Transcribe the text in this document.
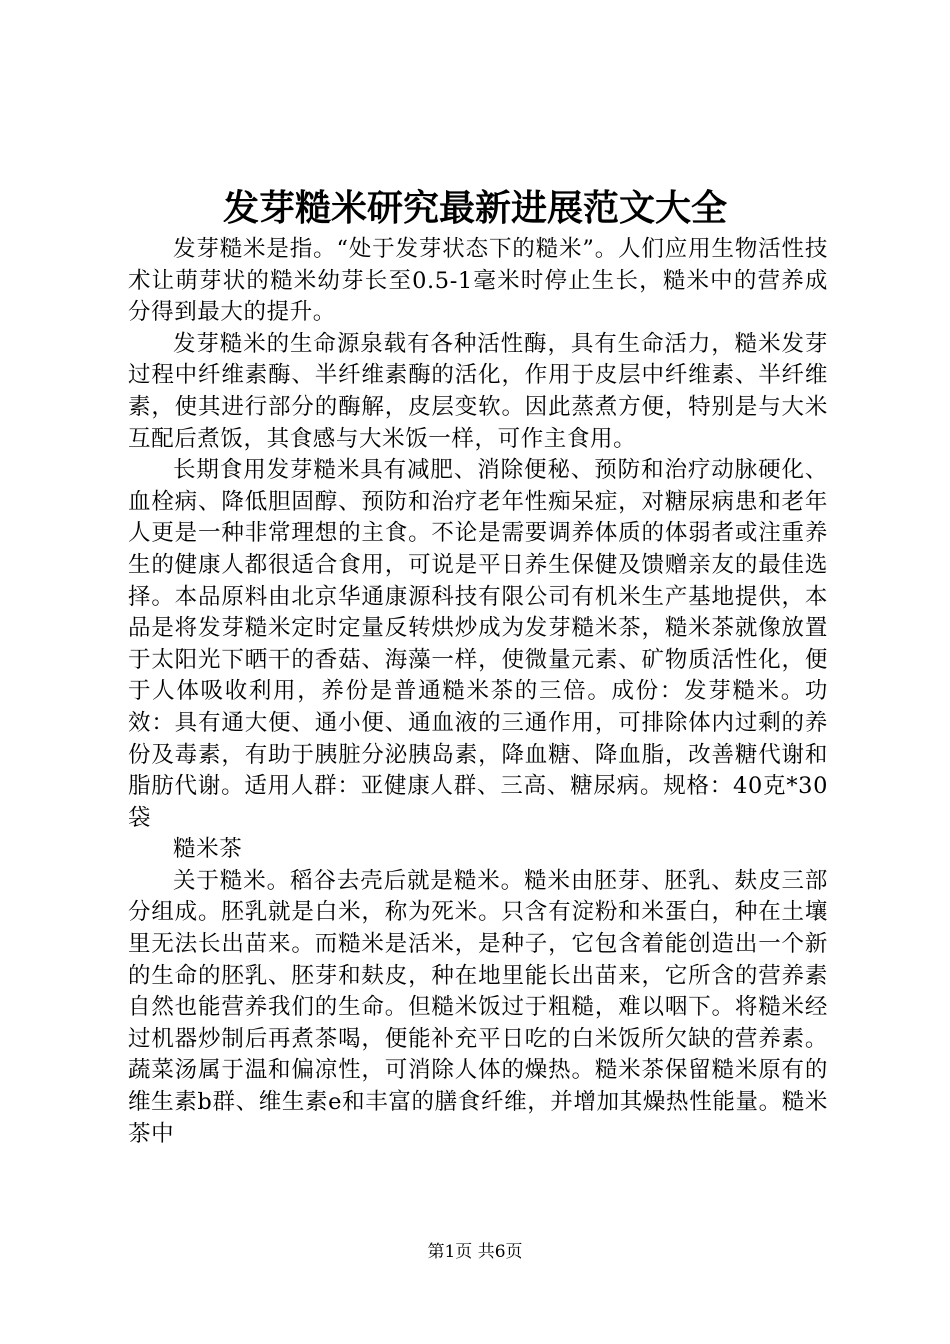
发芽糙米研究最新进展范文大全

发芽糙米是指。“处于发芽状态下的糙米”。人们应用生物活性技术让萌芽状的糙米幼芽长至0.5-1毫米时停止生长，糙米中的营养成分得到最大的提升。

发芽糙米的生命源泉载有各种活性酶，具有生命活力，糙米发芽过程中纤维素酶、半纤维素酶的活化，作用于皮层中纤维素、半纤维素，使其进行部分的酶解，皮层变软。因此蒸煮方便，特别是与大米互配后煮饭，其食感与大米饭一样，可作主食用。

长期食用发芽糙米具有减肥、消除便秘、预防和治疗动脉硬化、血栓病、降低胆固醇、预防和治疗老年性痴呆症，对糖尿病患和老年人更是一种非常理想的主食。不论是需要调养体质的体弱者或注重养生的健康人都很适合食用，可说是平日养生保健及馈赠亲友的最佳选择。本品原料由北京华通康源科技有限公司有机米生产基地提供，本品是将发芽糙米定时定量反转烘炒成为发芽糙米茶，糙米茶就像放置于太阳光下晒干的香菇、海藻一样，使微量元素、矿物质活性化，便于人体吸收利用，养份是普通糙米茶的三倍。成份：发芽糙米。功效：具有通大便、通小便、通血液的三通作用，可排除体内过剩的养份及毒素，有助于胰脏分泌胰岛素，降血糖、降血脂，改善糖代谢和脂肪代谢。适用人群：亚健康人群、三高、糖尿病。规格：40克*30袋

糙米茶

关于糙米。稻谷去壳后就是糙米。糙米由胚芽、胚乳、麸皮三部分组成。胚乳就是白米，称为死米。只含有淀粉和米蛋白，种在土壤里无法长出苗来。而糙米是活米，是种子，它包含着能创造出一个新的生命的胚乳、胚芽和麸皮，种在地里能长出苗来，它所含的营养素自然也能营养我们的生命。但糙米饭过于粗糙，难以咽下。将糙米经过机器炒制后再煮茶喝，便能补充平日吃的白米饭所欠缺的营养素。蔬菜汤属于温和偏凉性，可消除人体的燥热。糙米茶保留糙米原有的维生素b群、维生素e和丰富的膳食纤维，并增加其燥热性能量。糙米茶中

第1页 共6页
